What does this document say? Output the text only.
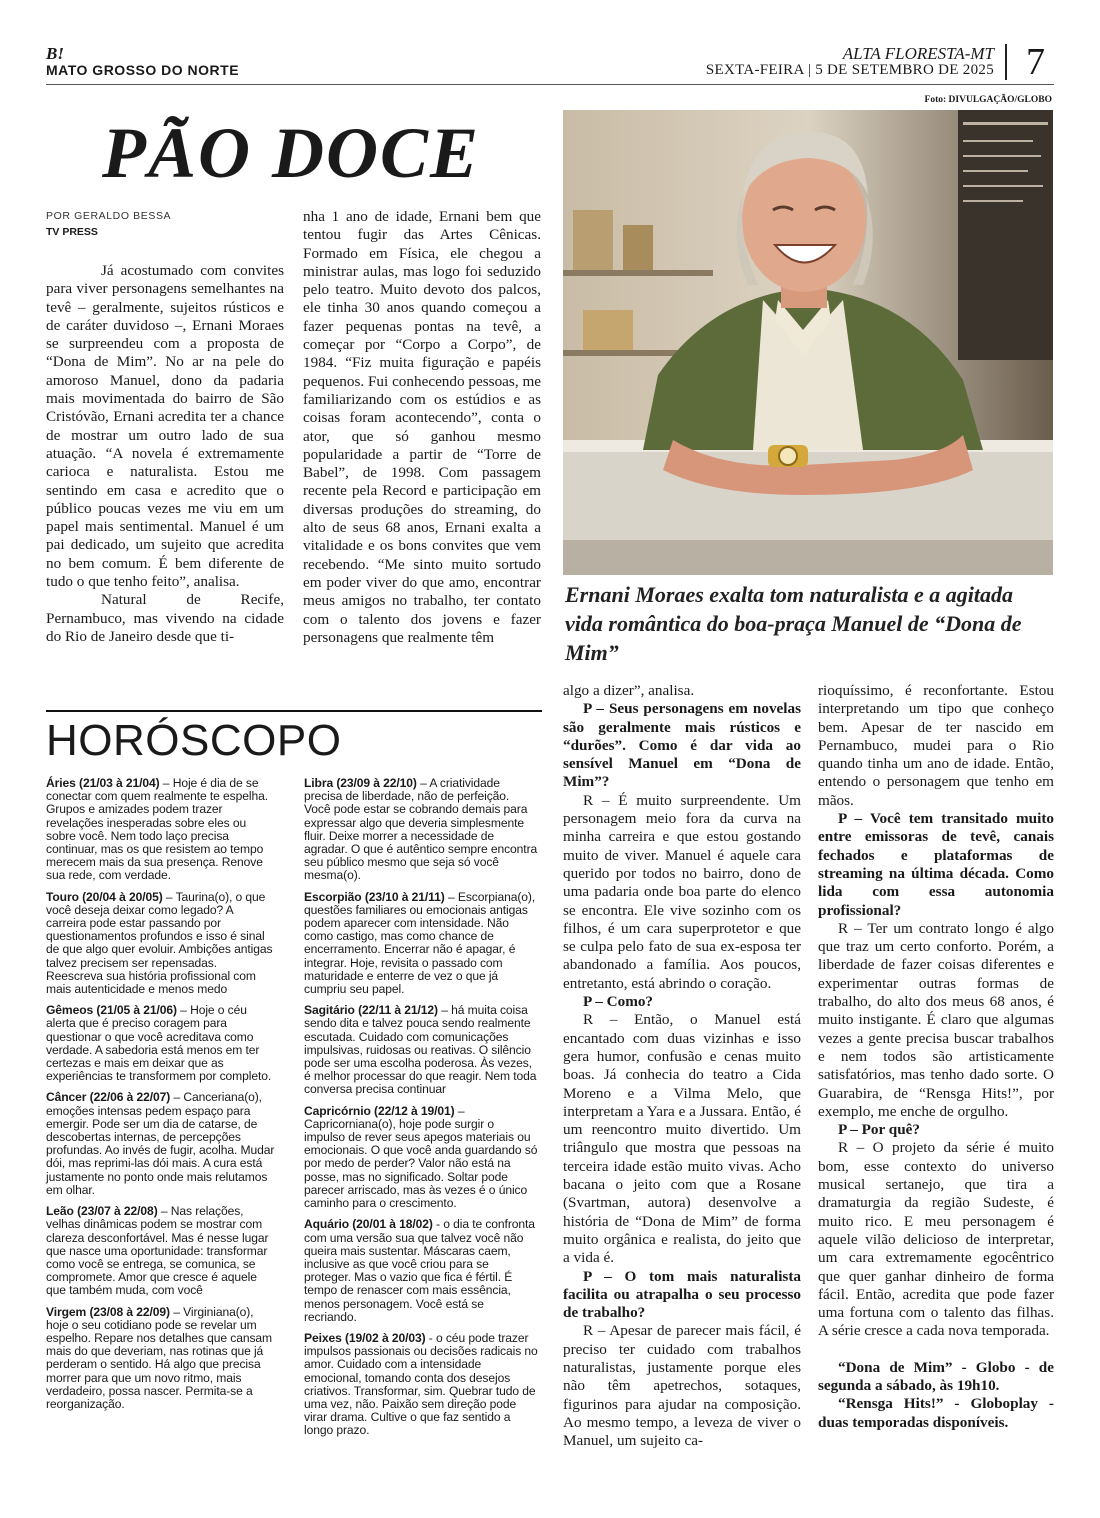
B!
MATO GROSSO DO NORTE
ALTA FLORESTA-MT
SEXTA-FEIRA | 5 DE SETEMBRO DE 2025 7
Foto: DIVULGAÇÃO/GLOBO
PÃO DOCE
POR GERALDO BESSA
TV PRESS

Já acostumado com convites para viver personagens semelhantes na tevê – geralmente, sujeitos rústicos e de caráter duvidoso –, Ernani Moraes se surpreendeu com a proposta de “Dona de Mim”. No ar na pele do amoroso Manuel, dono da padaria mais movimentada do bairro de São Cristóvão, Ernani acredita ter a chance de mostrar um outro lado de sua atuação. “A novela é extremamente carioca e naturalista. Estou me sentindo em casa e acredito que o público poucas vezes me viu em um papel mais sentimental. Manuel é um pai dedicado, um sujeito que acredita no bem comum. É bem diferente de tudo o que tenho feito”, analisa.

Natural de Recife, Pernambuco, mas vivendo na cidade do Rio de Janeiro desde que ti-

nha 1 ano de idade, Ernani bem que tentou fugir das Artes Cênicas. Formado em Física, ele chegou a ministrar aulas, mas logo foi seduzido pelo teatro. Muito devoto dos palcos, ele tinha 30 anos quando começou a fazer pequenas pontas na tevê, a começar por “Corpo a Corpo”, de 1984. “Fiz muita figuração e papéis pequenos. Fui conhecendo pessoas, me familiarizando com os estúdios e as coisas foram acontecendo”, conta o ator, que só ganhou mesmo popularidade a partir de “Torre de Babel”, de 1998. Com passagem recente pela Record e participação em diversas produções do streaming, do alto de seus 68 anos, Ernani exalta a vitalidade e os bons convites que vem recebendo. “Me sinto muito sortudo em poder viver do que amo, encontrar meus amigos no trabalho, ter contato com o talento dos jovens e fazer personagens que realmente têm

Ernani Moraes exalta tom naturalista e a agitada vida romântica do boa-praça Manuel de “Dona de Mim”

algo a dizer”, analisa.

P – Seus personagens em novelas são geralmente mais rústicos e “durões”. Como é dar vida ao sensível Manuel em “Dona de Mim”?

R – É muito surpreendente. Um personagem meio fora da curva na minha carreira e que estou gostando muito de viver. Manuel é aquele cara querido por todos no bairro, dono de uma padaria onde boa parte do elenco se encontra. Ele vive sozinho com os filhos, é um cara superprotetor e que se culpa pelo fato de sua ex-esposa ter abandonado a família. Aos poucos, entretanto, está abrindo o coração.

P – Como?

R – Então, o Manuel está encantado com duas vizinhas e isso gera humor, confusão e cenas muito boas. Já conhecia do teatro a Cida Moreno e a Vilma Melo, que interpretam a Yara e a Jussara. Então, é um reencontro muito divertido. Um triângulo que mostra que pessoas na terceira idade estão muito vivas. Acho bacana o jeito com que a Rosane (Svartman, autora) desenvolve a história de “Dona de Mim” de forma muito orgânica e realista, do jeito que a vida é.

P – O tom mais naturalista facilita ou atrapalha o seu processo de trabalho?

R – Apesar de parecer mais fácil, é preciso ter cuidado com trabalhos naturalistas, justamente porque eles não têm apetrechos, sotaques, figurinos para ajudar na composição. Ao mesmo tempo, a leveza de viver o Manuel, um sujeito ca-

rioquíssimo, é reconfortante. Estou interpretando um tipo que conheço bem. Apesar de ter nascido em Pernambuco, mudei para o Rio quando tinha um ano de idade. Então, entendo o personagem que tenho em mãos.

P – Você tem transitado muito entre emissoras de tevê, canais fechados e plataformas de streaming na última década. Como lida com essa autonomia profissional?

R – Ter um contrato longo é algo que traz um certo conforto. Porém, a liberdade de fazer coisas diferentes e experimentar outras formas de trabalho, do alto dos meus 68 anos, é muito instigante. É claro que algumas vezes a gente precisa buscar trabalhos e nem todos são artisticamente satisfatórios, mas tenho dado sorte. O Guarabira, de “Rensga Hits!”, por exemplo, me enche de orgulho.

P – Por quê?

R – O projeto da série é muito bom, esse contexto do universo musical sertanejo, que tira a dramaturgia da região Sudeste, é muito rico. E meu personagem é aquele vilão delicioso de interpretar, um cara extremamente egocêntrico que quer ganhar dinheiro de forma fácil. Então, acredita que pode fazer uma fortuna com o talento das filhas. A série cresce a cada nova temporada.

“Dona de Mim” - Globo - de segunda a sábado, às 19h10.

“Rensga Hits!” - Globoplay - duas temporadas disponíveis.

HORÓSCOPO

Áries (21/03 à 21/04) – Hoje é dia de se conectar com quem realmente te espelha. Grupos e amizades podem trazer revelações inesperadas sobre eles ou sobre você. Nem todo laço precisa continuar, mas os que resistem ao tempo merecem mais da sua presença. Renove sua rede, com verdade.

Touro (20/04 à 20/05) – Taurina(o), o que você deseja deixar como legado? A carreira pode estar passando por questionamentos profundos e isso é sinal de que algo quer evoluir. Ambições antigas talvez precisem ser repensadas. Reescreva sua história profissional com mais autenticidade e menos medo

Gêmeos (21/05 à 21/06) – Hoje o céu alerta que é preciso coragem para questionar o que você acreditava como verdade. A sabedoria está menos em ter certezas e mais em deixar que as experiências te transformem por completo.

Câncer (22/06 à 22/07) – Canceriana(o), emoções intensas pedem espaço para emergir. Pode ser um dia de catarse, de descobertas internas, de percepções profundas. Ao invés de fugir, acolha. Mudar dói, mas reprimi-las dói mais. A cura está justamente no ponto onde mais relutamos em olhar.

Leão (23/07 à 22/08) – Nas relações, velhas dinâmicas podem se mostrar com clareza desconfortável. Mas é nesse lugar que nasce uma oportunidade: transformar como você se entrega, se comunica, se compromete. Amor que cresce é aquele que também muda, com você

Virgem (23/08 à 22/09) – Virginiana(o), hoje o seu cotidiano pode se revelar um espelho. Repare nos detalhes que cansam mais do que deveriam, nas rotinas que já perderam o sentido. Há algo que precisa morrer para que um novo ritmo, mais verdadeiro, possa nascer. Permita-se a reorganização.

Libra (23/09 à 22/10) – A criatividade precisa de liberdade, não de perfeição. Você pode estar se cobrando demais para expressar algo que deveria simplesmente fluir. Deixe morrer a necessidade de agradar. O que é autêntico sempre encontra seu público mesmo que seja só você mesma(o).

Escorpião (23/10 à 21/11) – Escorpiana(o), questões familiares ou emocionais antigas podem aparecer com intensidade. Não como castigo, mas como chance de encerramento. Encerrar não é apagar, é integrar. Hoje, revisita o passado com maturidade e enterre de vez o que já cumpriu seu papel.

Sagitário (22/11 à 21/12) – há muita coisa sendo dita e talvez pouca sendo realmente escutada. Cuidado com comunicações impulsivas, ruidosas ou reativas. O silêncio pode ser uma escolha poderosa. Às vezes, é melhor processar do que reagir. Nem toda conversa precisa continuar

Capricórnio (22/12 à 19/01) – Capricorniana(o), hoje pode surgir o impulso de rever seus apegos materiais ou emocionais. O que você anda guardando só por medo de perder? Valor não está na posse, mas no significado. Soltar pode parecer arriscado, mas às vezes é o único caminho para o crescimento.

Aquário (20/01 à 18/02) - o dia te confronta com uma versão sua que talvez você não queira mais sustentar. Máscaras caem, inclusive as que você criou para se proteger. Mas o vazio que fica é fértil. É tempo de renascer com mais essência, menos personagem. Você está se recriando.

Peixes (19/02 à 20/03) - o céu pode trazer impulsos passionais ou decisões radicais no amor. Cuidado com a intensidade emocional, tomando conta dos desejos criativos. Transformar, sim. Quebrar tudo de uma vez, não. Paixão sem direção pode virar drama. Cultive o que faz sentido a longo prazo.
